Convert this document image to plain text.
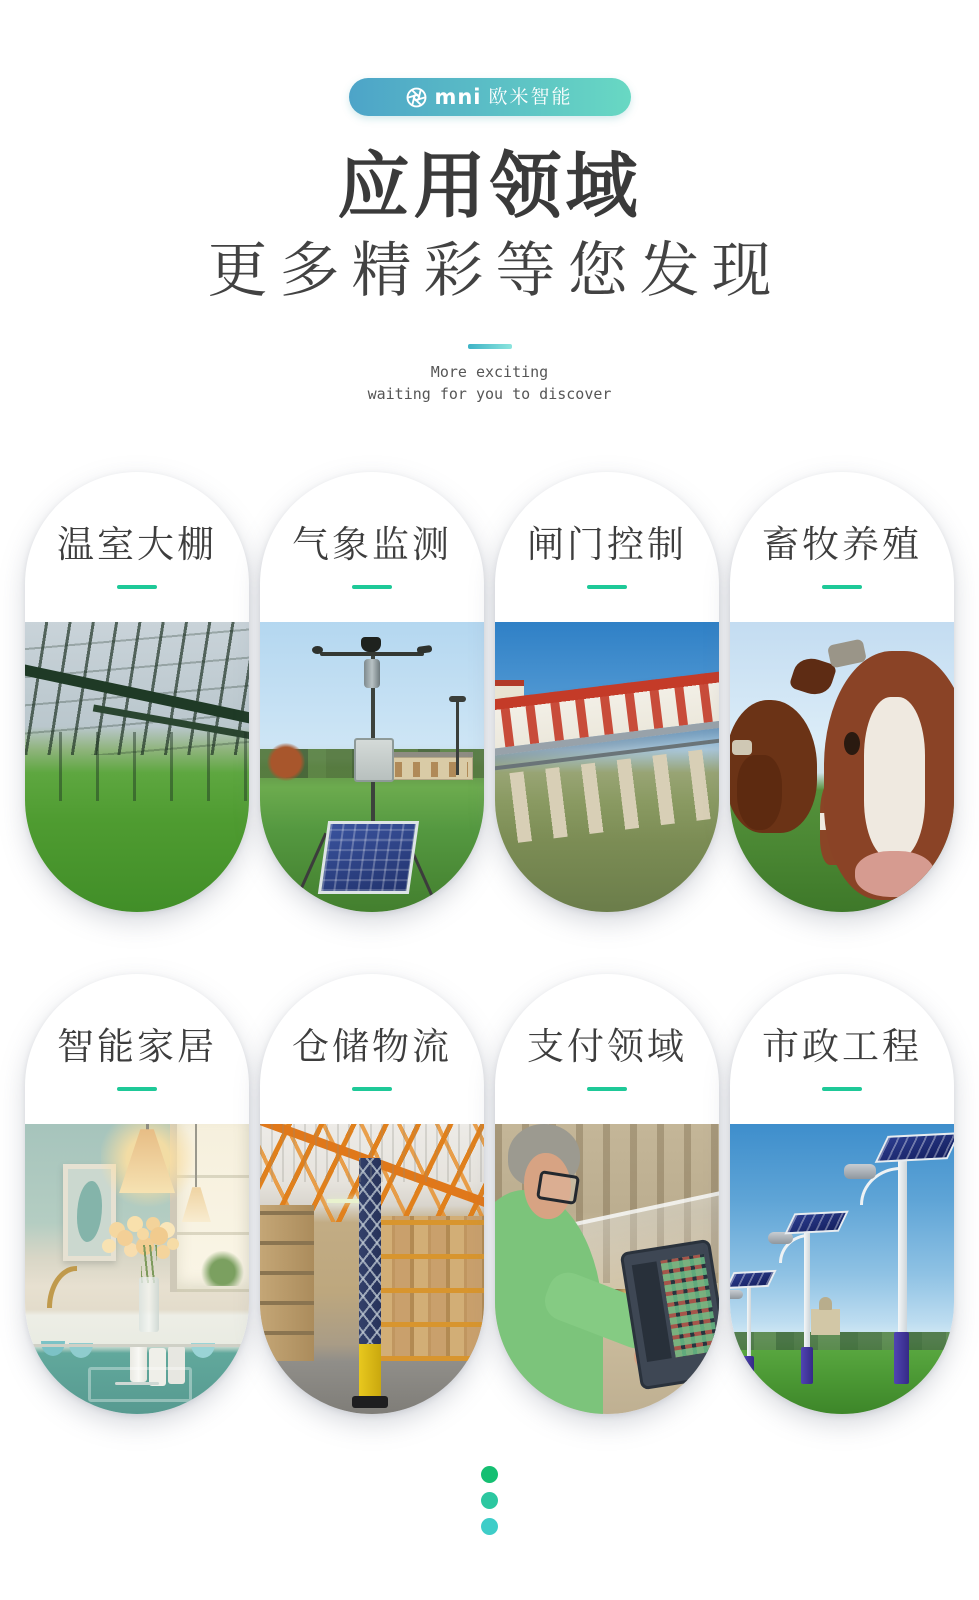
mni 欧米智能
应用领域
更多精彩等您发现
More exciting
waiting for you to discover
温室大棚	气象监测	闸门控制	畜牧养殖
智能家居	仓储物流	支付领域	市政工程
